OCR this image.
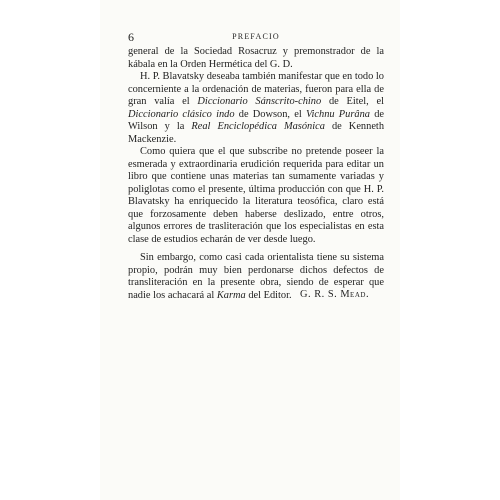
6	PREFACIO

general de la Sociedad Rosacruz y premonstrador de la kábala en la Orden Hermética del G. D.

H. P. Blavatsky deseaba también manifestar que en todo lo concerniente a la ordenación de materias, fueron para ella de gran valía el Diccionario Sánscrito-chino de Eitel, el Diccionario clásico indo de Dowson, el Vichnu Purâna de Wilson y la Real Enciclopédica Masónica de Kenneth Mackenzie.

Como quiera que el que subscribe no pretende poseer la esmerada y extraordinaria erudición requerida para editar un libro que contiene unas materias tan sumamente variadas y poliglotas como el presente, última producción con que H. P. Blavatsky ha enriquecido la literatura teosófica, claro está que forzosamente deben haberse deslizado, entre otros, algunos errores de trasliteración que los especialistas en esta clase de estudios echarán de ver desde luego.

Sin embargo, como casi cada orientalista tiene su sistema propio, podrán muy bien perdonarse dichos defectos de transliteración en la presente obra, siendo de esperar que nadie los achacará al Karma del Editor. G. R. S. Mead.
